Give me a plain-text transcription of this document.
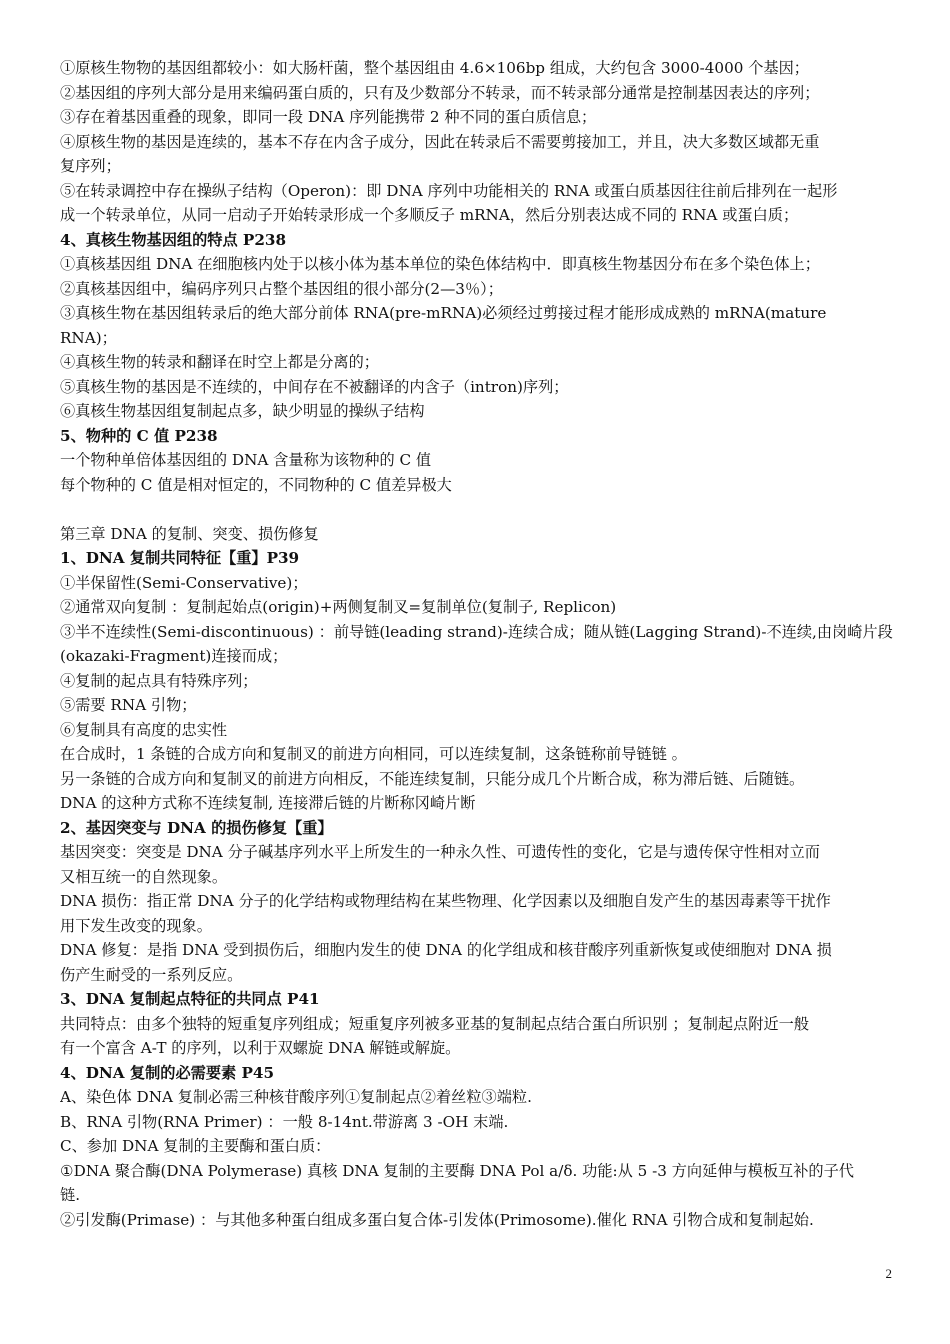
①原核生物物的基因组都较小：如大肠杆菌，整个基因组由 4.6×106bp 组成，大约包含 3000-4000 个基因；
②基因组的序列大部分是用来编码蛋白质的，只有及少数部分不转录，而不转录部分通常是控制基因表达的序列；
③存在着基因重叠的现象，即同一段 DNA 序列能携带 2 种不同的蛋白质信息；
④原核生物的基因是连续的，基本不存在内含子成分，因此在转录后不需要剪接加工，并且，决大多数区域都无重
复序列；
⑤在转录调控中存在操纵子结构（Operon)：即 DNA 序列中功能相关的 RNA 或蛋白质基因往往前后排列在一起形
成一个转录单位，从同一启动子开始转录形成一个多顺反子 mRNA，然后分别表达成不同的 RNA 或蛋白质；
4、真核生物基因组的特点 P238
①真核基因组 DNA 在细胞核内处于以核小体为基本单位的染色体结构中．即真核生物基因分布在多个染色体上；
②真核基因组中，编码序列只占整个基因组的很小部分(2—3％）；
③真核生物在基因组转录后的绝大部分前体 RNA(pre-mRNA)必须经过剪接过程才能形成成熟的 mRNA(mature
RNA)；
④真核生物的转录和翻译在时空上都是分离的；
⑤真核生物的基因是不连续的，中间存在不被翻译的内含子（intron)序列；
⑥真核生物基因组复制起点多，缺少明显的操纵子结构
5、物种的 C 值 P238
一个物种单倍体基因组的 DNA 含量称为该物种的 C 值
每个物种的 C 值是相对恒定的，不同物种的 C 值差异极大
第三章 DNA 的复制、突变、损伤修复
1、DNA 复制共同特征【重】P39
①半保留性(Semi-Conservative)；
②通常双向复制 ：复制起始点(origin)+两侧复制叉=复制单位(复制子, Replicon)
③半不连续性(Semi-discontinuous) ：前导链(leading strand)-连续合成；随从链(Lagging Strand)-不连续,由岗崎片段
(okazaki-Fragment)连接而成；
④复制的起点具有特殊序列；
⑤需要 RNA 引物；
⑥复制具有高度的忠实性
在合成时，1 条链的合成方向和复制叉的前进方向相同，可以连续复制，这条链称前导链链 。
另一条链的合成方向和复制叉的前进方向相反，不能连续复制，只能分成几个片断合成，称为滞后链、后随链。
DNA 的这种方式称不连续复制, 连接滞后链的片断称冈崎片断
2、基因突变与 DNA 的损伤修复【重】
基因突变：突变是 DNA 分子碱基序列水平上所发生的一种永久性、可遗传性的变化，它是与遗传保守性相对立而
又相互统一的自然现象。
DNA 损伤：指正常 DNA 分子的化学结构或物理结构在某些物理、化学因素以及细胞自发产生的基因毒素等干扰作
用下发生改变的现象。
DNA 修复：是指 DNA 受到损伤后，细胞内发生的使 DNA 的化学组成和核苷酸序列重新恢复或使细胞对 DNA 损
伤产生耐受的一系列反应。
3、DNA 复制起点特征的共同点 P41
共同特点：由多个独特的短重复序列组成；短重复序列被多亚基的复制起点结合蛋白所识别 ；复制起点附近一般
有一个富含 A-T 的序列，以利于双螺旋 DNA 解链或解旋。
4、DNA 复制的必需要素 P45
A、染色体 DNA 复制必需三种核苷酸序列①复制起点②着丝粒③端粒.
B、RNA 引物(RNA Primer) ：一般 8-14nt.带游离 3 -OH 末端.
C、参加 DNA 复制的主要酶和蛋白质：
①DNA 聚合酶(DNA Polymerase) 真核 DNA 复制的主要酶 DNA Pol a/δ. 功能:从 5 -3 方向延伸与模板互补的子代
链.
②引发酶(Primase) ：与其他多种蛋白组成多蛋白复合体-引发体(Primosome).催化 RNA 引物合成和复制起始.
2
